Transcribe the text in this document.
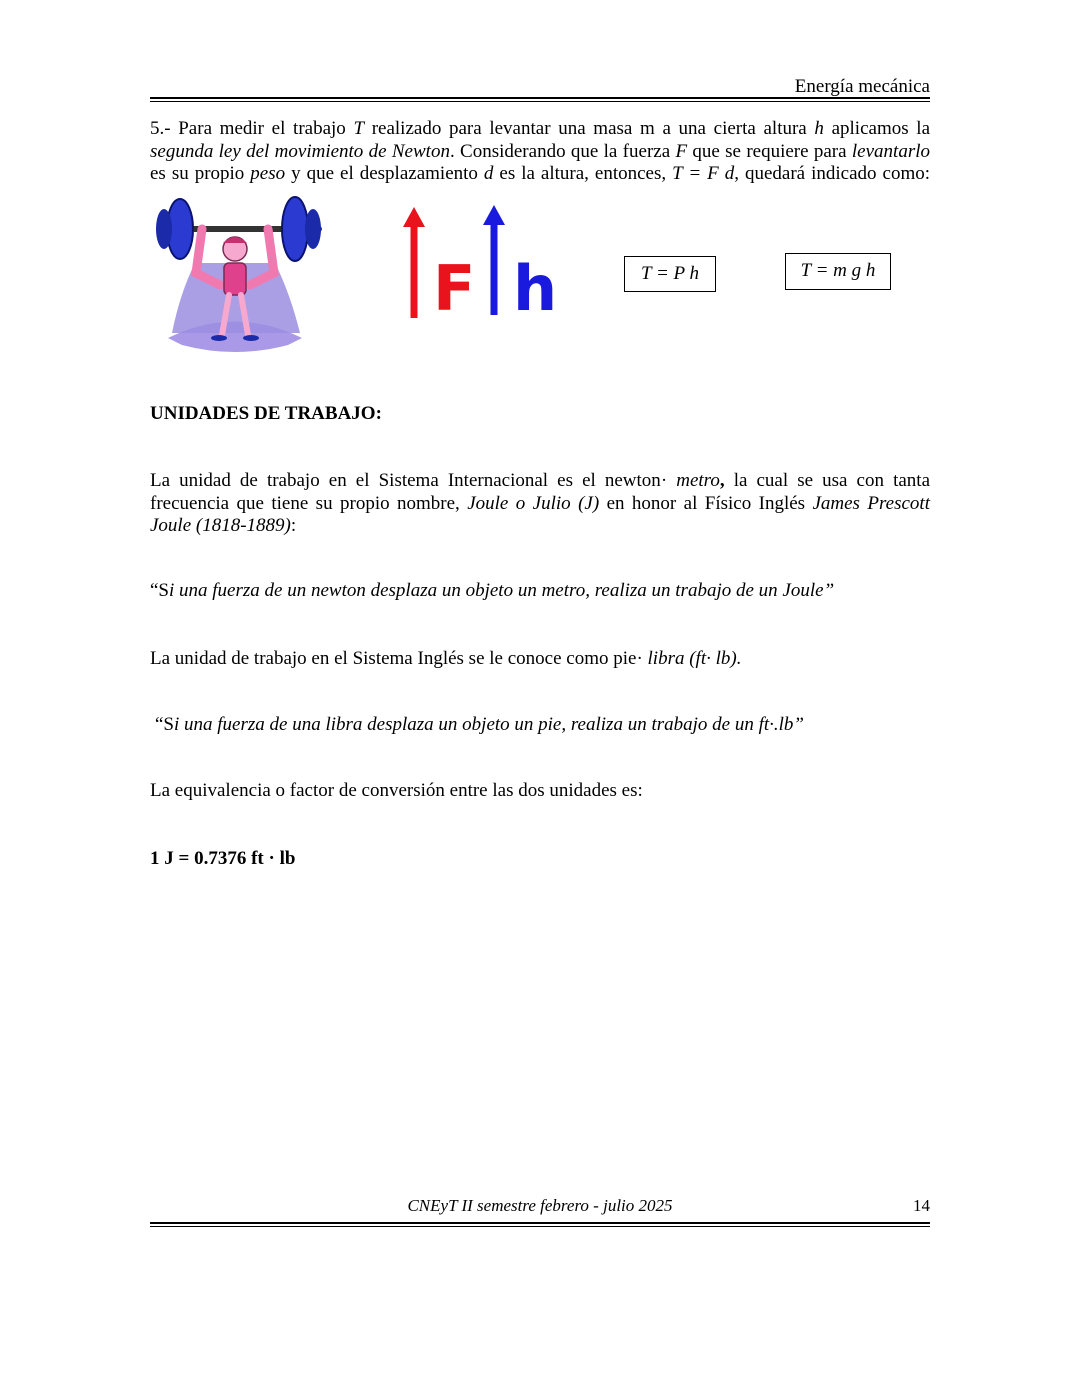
Energía mecánica
5.- Para medir el trabajo T realizado para levantar una masa m a una cierta altura h aplicamos la
segunda ley del movimiento de Newton. Considerando que la fuerza F que se requiere para levantarlo
es su propio peso y que el desplazamiento d es la altura, entonces, T = F d, quedará indicado como:
F h	T = P h	T = m g h
UNIDADES DE TRABAJO:
La unidad de trabajo en el Sistema Internacional es el newton· metro, la cual se usa con tanta
frecuencia que tiene su propio nombre, Joule o Julio (J) en honor al Físico Inglés James Prescott
Joule (1818-1889):
“Si una fuerza de un newton desplaza un objeto un metro, realiza un trabajo de un Joule”
La unidad de trabajo en el Sistema Inglés se le conoce como pie· libra (ft· lb).
“Si una fuerza de una libra desplaza un objeto un pie, realiza un trabajo de un ft·.lb”
La equivalencia o factor de conversión entre las dos unidades es:
1 J = 0.7376 ft · lb
CNEyT II semestre febrero - julio 2025	14
